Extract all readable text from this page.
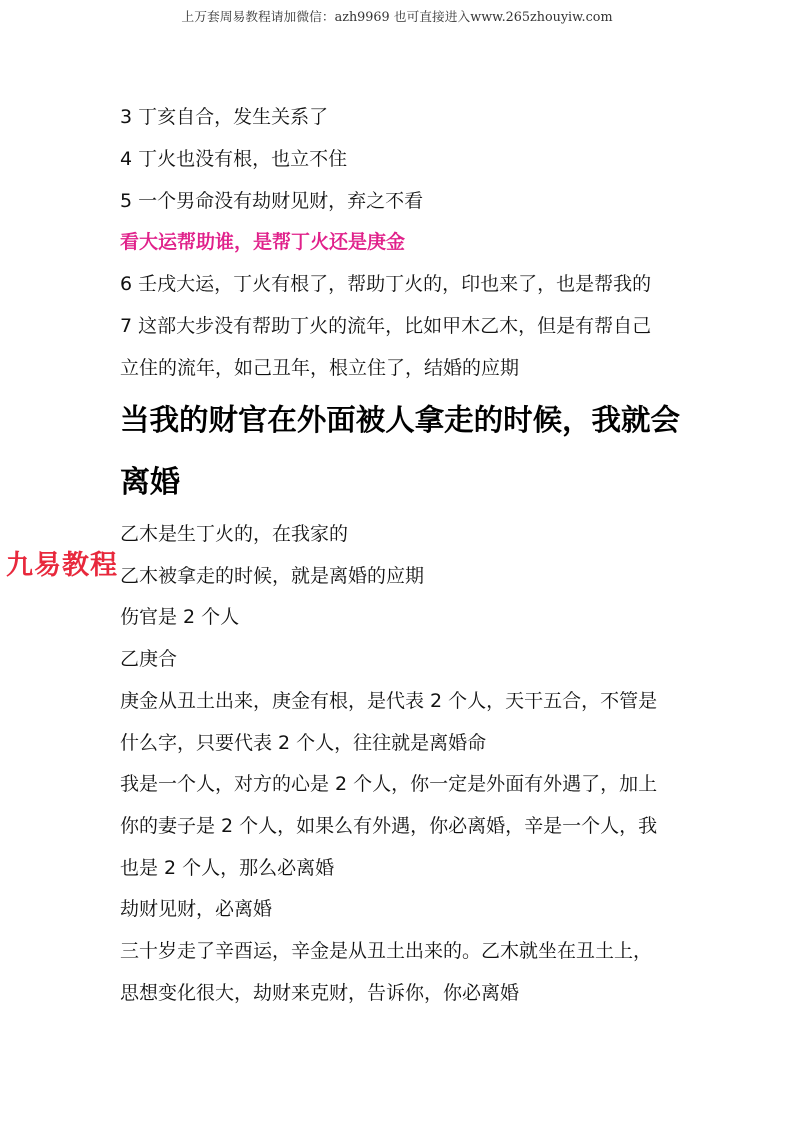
上万套周易教程请加微信：azh9969 也可直接进入www.265zhouyiw.com
九易教程
3 丁亥自合，发生关系了
4 丁火也没有根，也立不住
5 一个男命没有劫财见财，弃之不看
看大运帮助谁，是帮丁火还是庚金
6 壬戌大运，丁火有根了，帮助丁火的，印也来了，也是帮我的
7 这部大步没有帮助丁火的流年，比如甲木乙木，但是有帮自己
立住的流年，如己丑年，根立住了，结婚的应期
当我的财官在外面被人拿走的时候，我就会
离婚
乙木是生丁火的，在我家的
乙木被拿走的时候，就是离婚的应期
伤官是 2 个人
乙庚合
庚金从丑土出来，庚金有根，是代表 2 个人，天干五合，不管是
什么字，只要代表 2 个人，往往就是离婚命
我是一个人，对方的心是 2 个人，你一定是外面有外遇了，加上
你的妻子是 2 个人，如果么有外遇，你必离婚，辛是一个人，我
也是 2 个人，那么必离婚
劫财见财，必离婚
三十岁走了辛酉运，辛金是从丑土出来的。乙木就坐在丑土上，
思想变化很大，劫财来克财，告诉你，你必离婚
